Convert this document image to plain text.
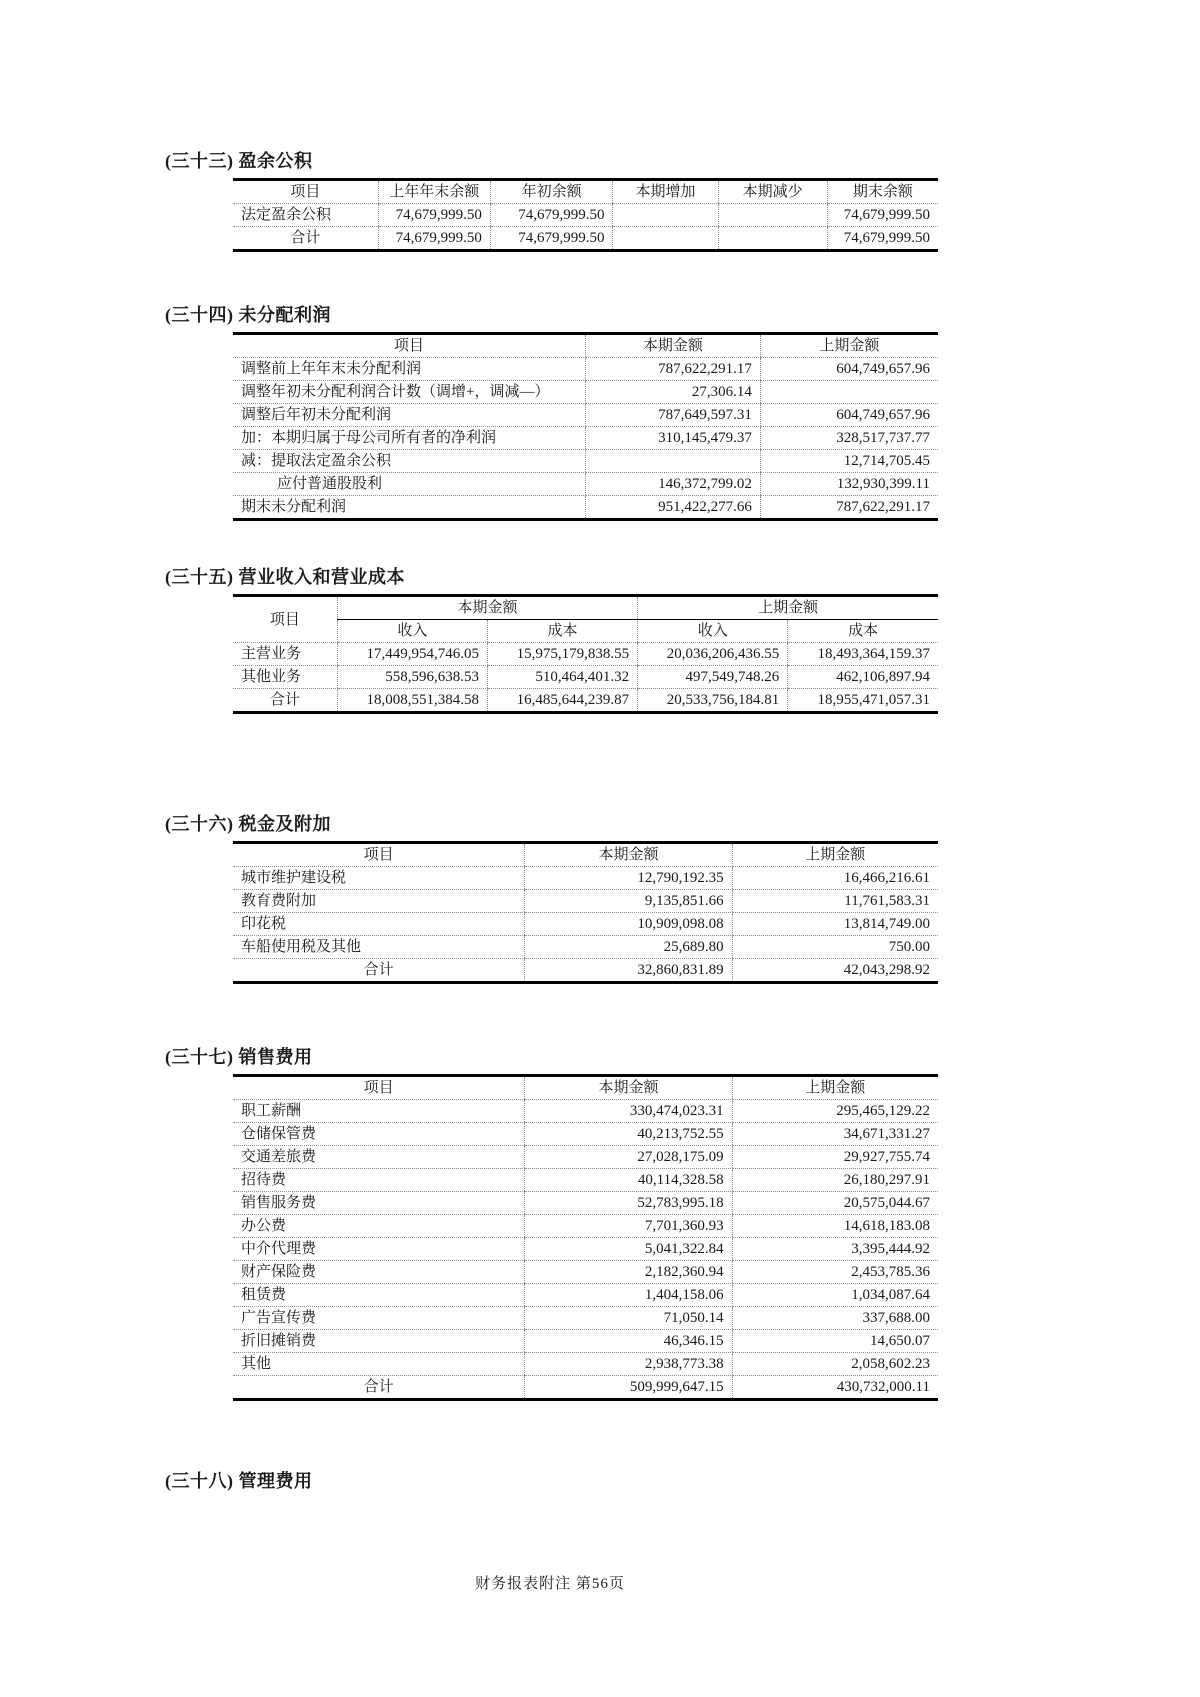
(三十三) 盈余公积
项目	上年年末余额	年初余额	本期增加	本期减少	期末余额
法定盈余公积	74,679,999.50	74,679,999.50			74,679,999.50
合计	74,679,999.50	74,679,999.50			74,679,999.50
(三十四) 未分配利润
项目	本期金额	上期金额
调整前上年年末未分配利润	787,622,291.17	604,749,657.96
调整年初未分配利润合计数（调增+，调减—）	27,306.14	
调整后年初未分配利润	787,649,597.31	604,749,657.96
加：本期归属于母公司所有者的净利润	310,145,479.37	328,517,737.77
减：提取法定盈余公积		12,714,705.45
应付普通股股利	146,372,799.02	132,930,399.11
期末未分配利润	951,422,277.66	787,622,291.17
(三十五) 营业收入和营业成本
项目	本期金额		上期金额	
	收入	成本	收入	成本
主营业务	17,449,954,746.05	15,975,179,838.55	20,036,206,436.55	18,493,364,159.37
其他业务	558,596,638.53	510,464,401.32	497,549,748.26	462,106,897.94
合计	18,008,551,384.58	16,485,644,239.87	20,533,756,184.81	18,955,471,057.31
(三十六) 税金及附加
项目	本期金额	上期金额
城市维护建设税	12,790,192.35	16,466,216.61
教育费附加	9,135,851.66	11,761,583.31
印花税	10,909,098.08	13,814,749.00
车船使用税及其他	25,689.80	750.00
合计	32,860,831.89	42,043,298.92
(三十七) 销售费用
项目	本期金额	上期金额
职工薪酬	330,474,023.31	295,465,129.22
仓储保管费	40,213,752.55	34,671,331.27
交通差旅费	27,028,175.09	29,927,755.74
招待费	40,114,328.58	26,180,297.91
销售服务费	52,783,995.18	20,575,044.67
办公费	7,701,360.93	14,618,183.08
中介代理费	5,041,322.84	3,395,444.92
财产保险费	2,182,360.94	2,453,785.36
租赁费	1,404,158.06	1,034,087.64
广告宣传费	71,050.14	337,688.00
折旧摊销费	46,346.15	14,650.07
其他	2,938,773.38	2,058,602.23
合计	509,999,647.15	430,732,000.11
(三十八) 管理费用
财务报表附注 第56页
